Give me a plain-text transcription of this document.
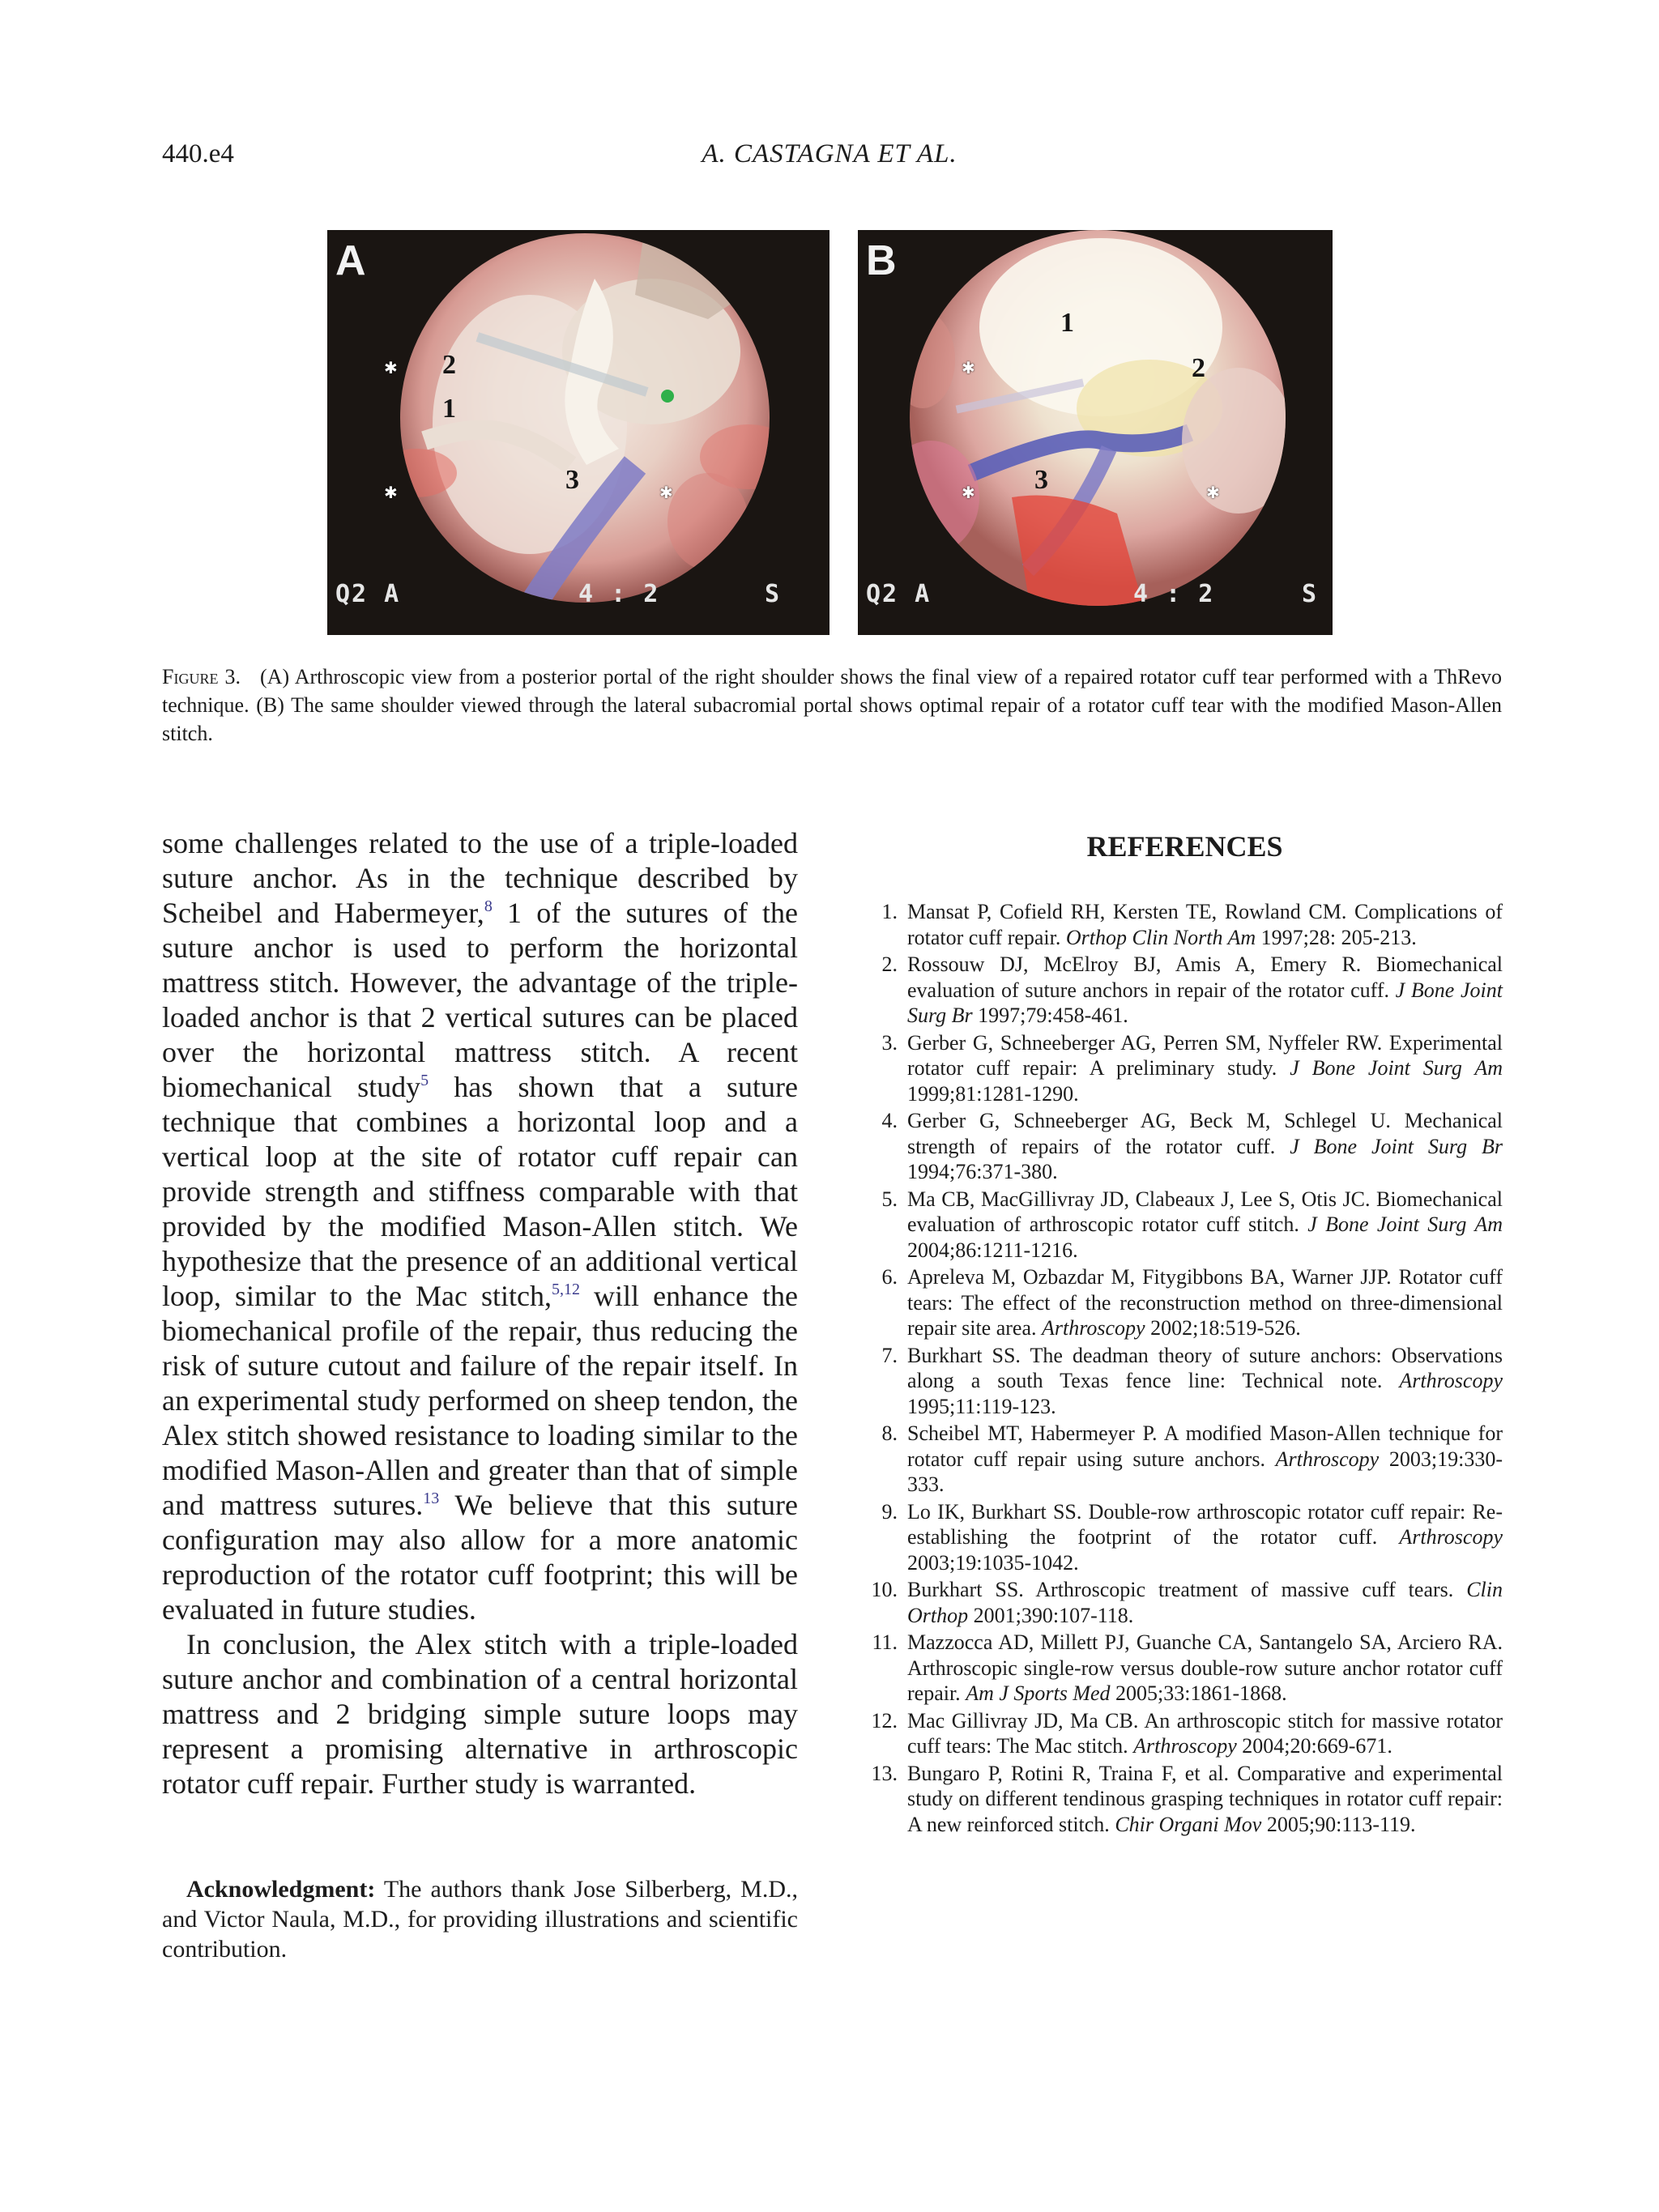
440.e4	A. CASTAGNA ET AL.
A
2
1
3
✱
✱	✱
Q2 A	4 : 2	S
B
1
2
3
✱
✱	✱
Q2 A	4 : 2	S
Figure 3. (A) Arthroscopic view from a posterior portal of the right shoulder shows the final view of a repaired rotator cuff tear performed with a ThRevo technique. (B) The same shoulder viewed through the lateral subacromial portal shows optimal repair of a rotator cuff tear with the modified Mason-Allen stitch.

some challenges related to the use of a triple-loaded suture anchor. As in the technique described by Scheibel and Habermeyer,$^8$ 1 of the sutures of the suture anchor is used to perform the horizontal mattress stitch. However, the advantage of the triple-loaded anchor is that 2 vertical sutures can be placed over the horizontal mattress stitch. A recent biomechanical study$^5$ has shown that a suture technique that combines a horizontal loop and a vertical loop at the site of rotator cuff repair can provide strength and stiffness comparable with that provided by the modified Mason-Allen stitch. We hypothesize that the presence of an additional vertical loop, similar to the Mac stitch,$^{5,12}$ will enhance the biomechanical profile of the repair, thus reducing the risk of suture cutout and failure of the repair itself. In an experimental study performed on sheep tendon, the Alex stitch showed resistance to loading similar to the modified Mason-Allen and greater than that of simple and mattress sutures.$^{13}$ We believe that this suture configuration may also allow for a more anatomic reproduction of the rotator cuff footprint; this will be evaluated in future studies.

In conclusion, the Alex stitch with a triple-loaded suture anchor and combination of a central horizontal mattress and 2 bridging simple suture loops may represent a promising alternative in arthroscopic rotator cuff repair. Further study is warranted.

Acknowledgment: The authors thank Jose Silberberg, M.D., and Victor Naula, M.D., for providing illustrations and scientific contribution.
REFERENCES
1. Mansat P, Cofield RH, Kersten TE, Rowland CM. Complications of rotator cuff repair. Orthop Clin North Am 1997;28: 205-213.
2. Rossouw DJ, McElroy BJ, Amis A, Emery R. Biomechanical evaluation of suture anchors in repair of the rotator cuff. J Bone Joint Surg Br 1997;79:458-461.
3. Gerber G, Schneeberger AG, Perren SM, Nyffeler RW. Experimental rotator cuff repair: A preliminary study. J Bone Joint Surg Am 1999;81:1281-1290.
4. Gerber G, Schneeberger AG, Beck M, Schlegel U. Mechanical strength of repairs of the rotator cuff. J Bone Joint Surg Br 1994;76:371-380.
5. Ma CB, MacGillivray JD, Clabeaux J, Lee S, Otis JC. Biomechanical evaluation of arthroscopic rotator cuff stitch. J Bone Joint Surg Am 2004;86:1211-1216.
6. Apreleva M, Ozbazdar M, Fitygibbons BA, Warner JJP. Rotator cuff tears: The effect of the reconstruction method on three-dimensional repair site area. Arthroscopy 2002;18:519-526.
7. Burkhart SS. The deadman theory of suture anchors: Observations along a south Texas fence line: Technical note. Arthroscopy 1995;11:119-123.
8. Scheibel MT, Habermeyer P. A modified Mason-Allen technique for rotator cuff repair using suture anchors. Arthroscopy 2003;19:330-333.
9. Lo IK, Burkhart SS. Double-row arthroscopic rotator cuff repair: Re-establishing the footprint of the rotator cuff. Arthroscopy 2003;19:1035-1042.
10. Burkhart SS. Arthroscopic treatment of massive cuff tears. Clin Orthop 2001;390:107-118.
11. Mazzocca AD, Millett PJ, Guanche CA, Santangelo SA, Arciero RA. Arthroscopic single-row versus double-row suture anchor rotator cuff repair. Am J Sports Med 2005;33:1861-1868.
12. Mac Gillivray JD, Ma CB. An arthroscopic stitch for massive rotator cuff tears: The Mac stitch. Arthroscopy 2004;20:669-671.
13. Bungaro P, Rotini R, Traina F, et al. Comparative and experimental study on different tendinous grasping techniques in rotator cuff repair: A new reinforced stitch. Chir Organi Mov 2005;90:113-119.
